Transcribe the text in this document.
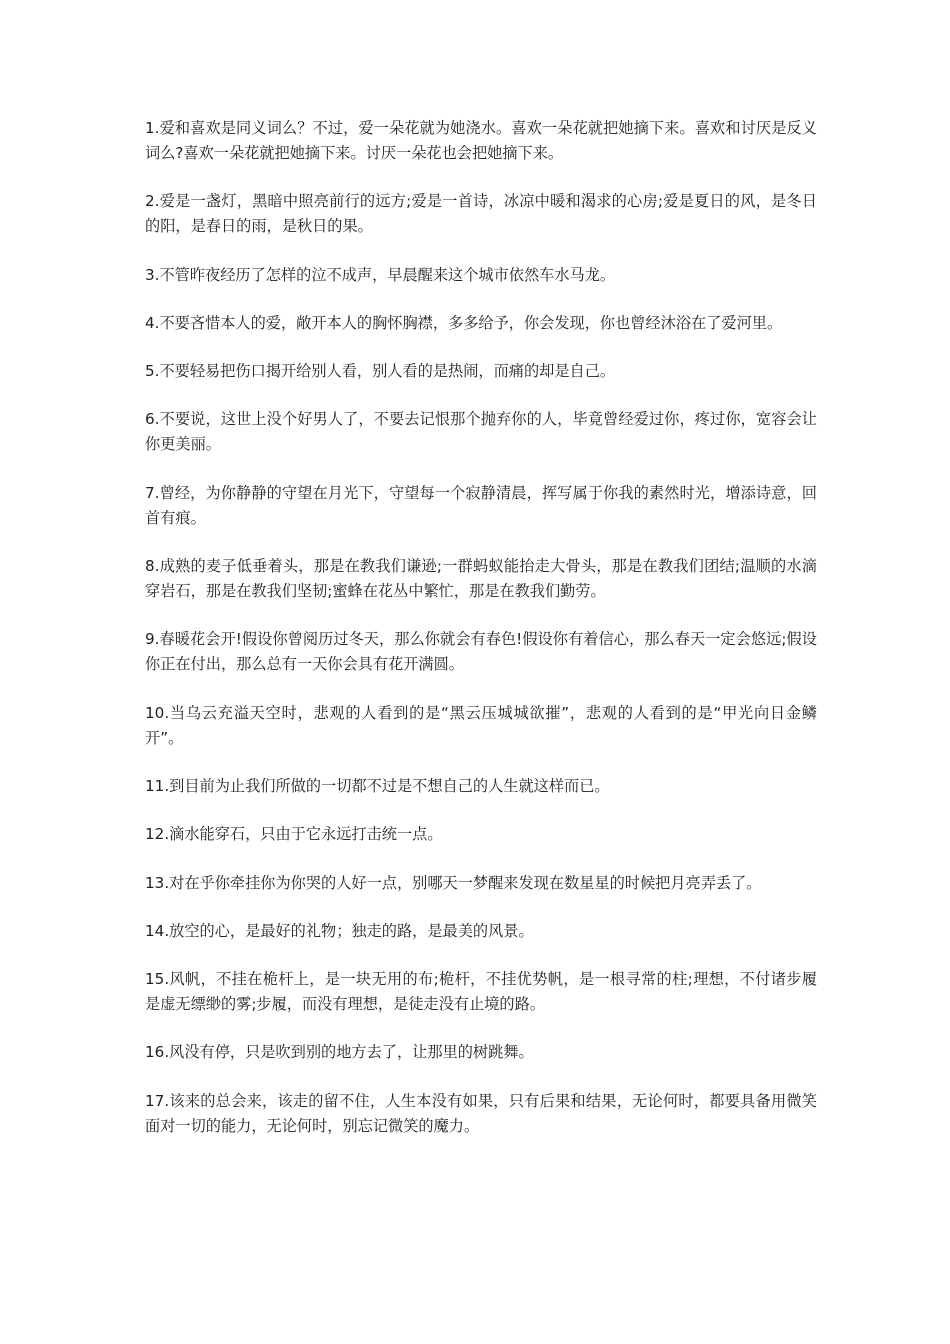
1.爱和喜欢是同义词么？不过，爱一朵花就为她浇水。喜欢一朵花就把她摘下来。喜欢和讨厌是反义词么?喜欢一朵花就把她摘下来。讨厌一朵花也会把她摘下来。

2.爱是一盏灯，黑暗中照亮前行的远方;爱是一首诗，冰凉中暖和渴求的心房;爱是夏日的风，是冬日的阳，是春日的雨，是秋日的果。

3.不管昨夜经历了怎样的泣不成声，早晨醒来这个城市依然车水马龙。

4.不要吝惜本人的爱，敞开本人的胸怀胸襟，多多给予，你会发现，你也曾经沐浴在了爱河里。

5.不要轻易把伤口揭开给别人看，别人看的是热闹，而痛的却是自己。

6.不要说，这世上没个好男人了，不要去记恨那个抛弃你的人，毕竟曾经爱过你，疼过你，宽容会让你更美丽。

7.曾经，为你静静的守望在月光下，守望每一个寂静清晨，挥写属于你我的素然时光，增添诗意，回首有痕。

8.成熟的麦子低垂着头，那是在教我们谦逊;一群蚂蚁能抬走大骨头，那是在教我们团结;温顺的水滴穿岩石，那是在教我们坚韧;蜜蜂在花丛中繁忙，那是在教我们勤劳。

9.春暖花会开!假设你曾阅历过冬天，那么你就会有春色!假设你有着信心，那么春天一定会悠远;假设你正在付出，那么总有一天你会具有花开满圆。

10.当乌云充溢天空时，悲观的人看到的是“黑云压城城欲摧”，悲观的人看到的是“甲光向日金鳞开”。

11.到目前为止我们所做的一切都不过是不想自己的人生就这样而已。

12.滴水能穿石，只由于它永远打击统一点。

13.对在乎你牵挂你为你哭的人好一点，别哪天一梦醒来发现在数星星的时候把月亮弄丢了。

14.放空的心，是最好的礼物；独走的路，是最美的风景。

15.风帆，不挂在桅杆上，是一块无用的布;桅杆，不挂优势帆，是一根寻常的柱;理想，不付诸步履是虚无缥缈的雾;步履，而没有理想，是徒走没有止境的路。

16.风没有停，只是吹到别的地方去了，让那里的树跳舞。

17.该来的总会来，该走的留不住，人生本没有如果，只有后果和结果，无论何时，都要具备用微笑面对一切的能力，无论何时，别忘记微笑的魔力。
